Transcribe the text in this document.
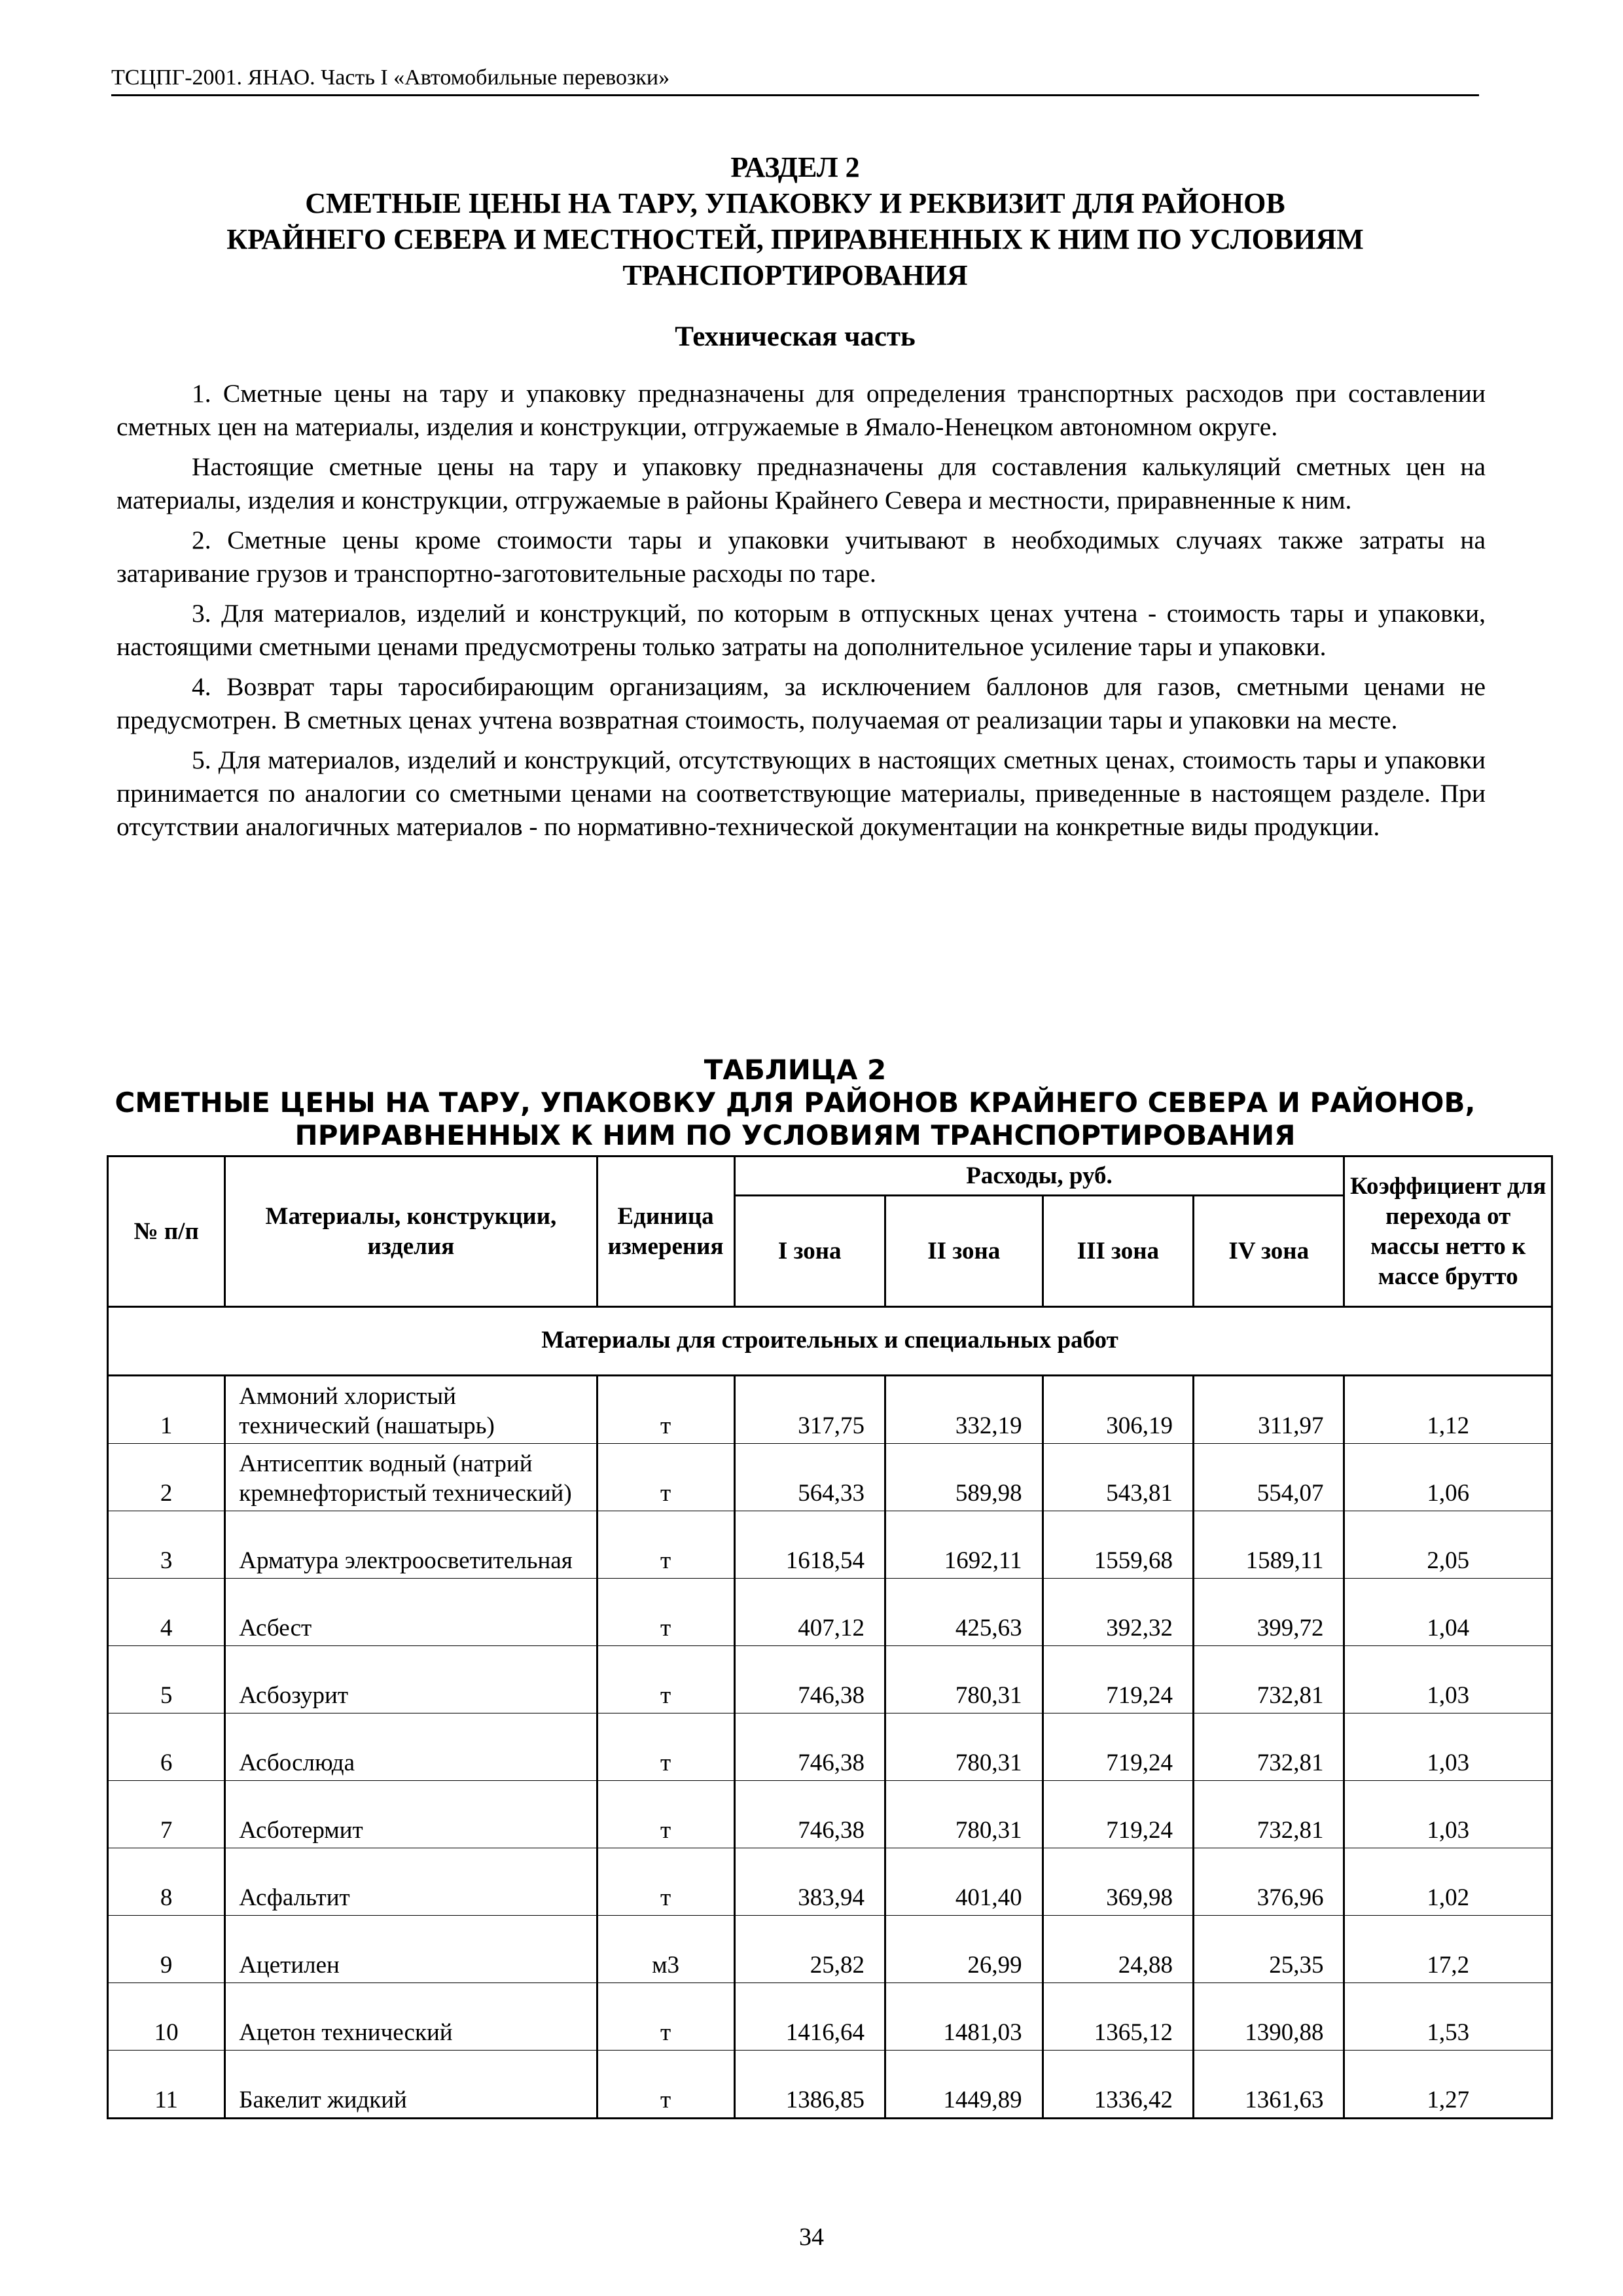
ТСЦПГ-2001. ЯНАО. Часть I «Автомобильные перевозки»
РАЗДЕЛ 2
СМЕТНЫЕ ЦЕНЫ НА ТАРУ, УПАКОВКУ И РЕКВИЗИТ ДЛЯ РАЙОНОВ
КРАЙНЕГО СЕВЕРА И МЕСТНОСТЕЙ, ПРИРАВНЕННЫХ К НИМ ПО УСЛОВИЯМ
ТРАНСПОРТИРОВАНИЯ
Техническая часть

1. Сметные цены на тару и упаковку предназначены для определения транспортных расходов при составлении сметных цен на материалы, изделия и конструкции, отгружаемые в Ямало-Ненецком автономном округе.

Настоящие сметные цены на тару и упаковку предназначены для составления калькуляций сметных цен на материалы, изделия и конструкции, отгружаемые в районы Крайнего Севера и местности, приравненные к ним.

2. Сметные цены кроме стоимости тары и упаковки учитывают в необходимых случаях также затраты на затаривание грузов и транспортно-заготовительные расходы по таре.

3. Для материалов, изделий и конструкций, по которым в отпускных ценах учтена - стоимость тары и упаковки, настоящими сметными ценами предусмотрены только затраты на дополнительное усиление тары и упаковки.

4. Возврат тары таросибирающим организациям, за исключением баллонов для газов, сметными ценами не предусмотрен. В сметных ценах учтена возвратная стоимость, получаемая от реализации тары и упаковки на месте.

5. Для материалов, изделий и конструкций, отсутствующих в настоящих сметных ценах, стоимость тары и упаковки принимается по аналогии со сметными ценами на соответствующие материалы, приведенные в настоящем разделе. При отсутствии аналогичных материалов - по нормативно-технической документации на конкретные виды продукции.

ТАБЛИЦА 2
СМЕТНЫЕ ЦЕНЫ НА ТАРУ, УПАКОВКУ ДЛЯ РАЙОНОВ КРАЙНЕГО СЕВЕРА И РАЙОНОВ,
ПРИРАВНЕННЫХ К НИМ ПО УСЛОВИЯМ ТРАНСПОРТИРОВАНИЯ
№ п/п	Материалы, конструкции, изделия	Единица измерения	Расходы, руб.				Коэффициент для перехода от массы нетто к массе брутто
			I зона	II зона	III зона	IV зона	
Материалы для строительных и специальных работ							
1	Аммоний хлористый технический (нашатырь)	т	317,75	332,19	306,19	311,97	1,12
2	Антисептик водный (натрий кремнефтористый технический)	т	564,33	589,98	543,81	554,07	1,06
3	Арматура электроосветительная	т	1618,54	1692,11	1559,68	1589,11	2,05
4	Асбест	т	407,12	425,63	392,32	399,72	1,04
5	Асбозурит	т	746,38	780,31	719,24	732,81	1,03
6	Асбослюда	т	746,38	780,31	719,24	732,81	1,03
7	Асботермит	т	746,38	780,31	719,24	732,81	1,03
8	Асфальтит	т	383,94	401,40	369,98	376,96	1,02
9	Ацетилен	м3	25,82	26,99	24,88	25,35	17,2
10	Ацетон технический	т	1416,64	1481,03	1365,12	1390,88	1,53
11	Бакелит жидкий	т	1386,85	1449,89	1336,42	1361,63	1,27
34
